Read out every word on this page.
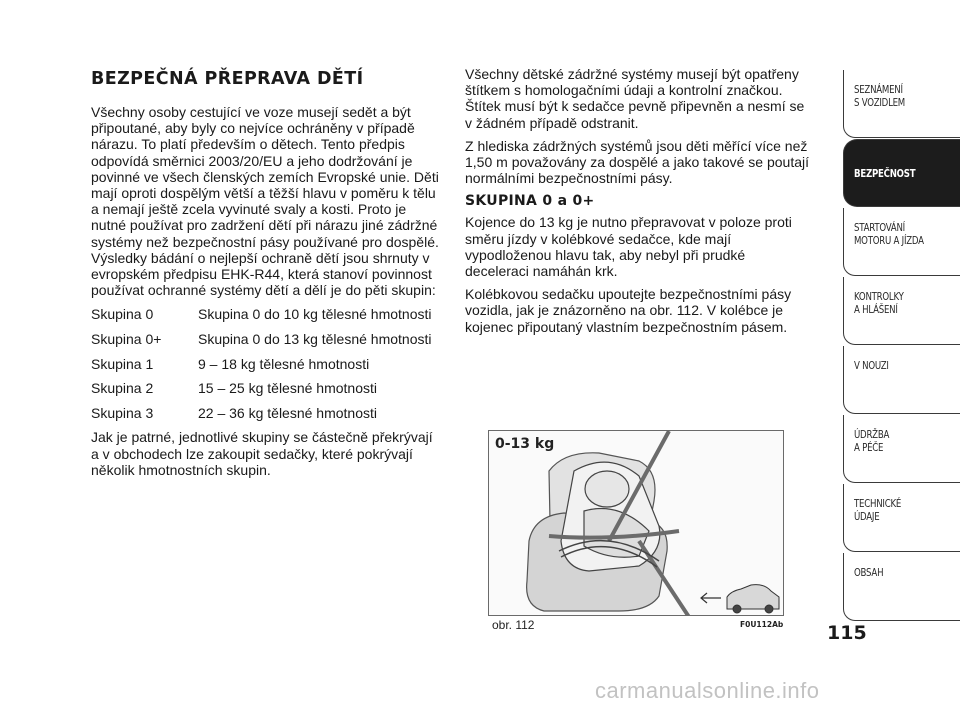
BEZPEČNÁ PŘEPRAVA DĚTÍ

Všechny osoby cestující ve voze musejí sedět a být připoutané, aby byly co nejvíce ochráněny v případě nárazu. To platí především o dětech. Tento předpis odpovídá směrnici 2003/20/EU a jeho dodržování je povinné ve všech členských zemích Evropské unie. Děti mají oproti dospělým větší a těžší hlavu v poměru k tělu a nemají ještě zcela vyvinuté svaly a kosti. Proto je nutné používat pro zadržení dětí při nárazu jiné zádržné systémy než bezpečnostní pásy používané pro dospělé. Výsledky bádání o nejlepší ochraně dětí jsou shrnuty v evropském předpisu EHK-R44, která stanoví povinnost používat ochranné systémy dětí a dělí je do pěti skupin:

Skupina 0	Skupina 0 do 10 kg tělesné hmotnosti
Skupina 0+	Skupina 0 do 13 kg tělesné hmotnosti
Skupina 1	9 – 18 kg tělesné hmotnosti
Skupina 2	15 – 25 kg tělesné hmotnosti
Skupina 3	22 – 36 kg tělesné hmotnosti

Jak je patrné, jednotlivé skupiny se částečně překrývají a v obchodech lze zakoupit sedačky, které pokrývají několik hmotnostních skupin.

Všechny dětské zádržné systémy musejí být opatřeny štítkem s homologačními údaji a kontrolní značkou. Štítek musí být k sedačce pevně připevněn a nesmí se v žádném případě odstranit.

Z hlediska zádržných systémů jsou děti měřící více než 1,50 m považovány za dospělé a jako takové se poutají normálními bezpečnostními pásy.

SKUPINA 0 a 0+

Kojence do 13 kg je nutno přepravovat v poloze proti směru jízdy v kolébkové sedačce, kde mají vypodloženou hlavu tak, aby nebyl při prudké deceleraci namáhán krk.

Kolébkovou sedačku upoutejte bezpečnostními pásy vozidla, jak je znázorněno na obr. 112. V kolébce je kojenec připoutaný vlastním bezpečnostním pásem.

0-13 kg
obr. 112	F0U112Ab
SEZNÁMENÍ
S VOZIDLEM
BEZPEČNOST
STARTOVÁNÍ
MOTORU A JÍZDA
KONTROLKY
A HLÁŠENÍ
V NOUZI
ÚDRŽBA
A PÉČE
TECHNICKÉ
ÚDAJE
OBSAH
115
carmanualsonline.info
